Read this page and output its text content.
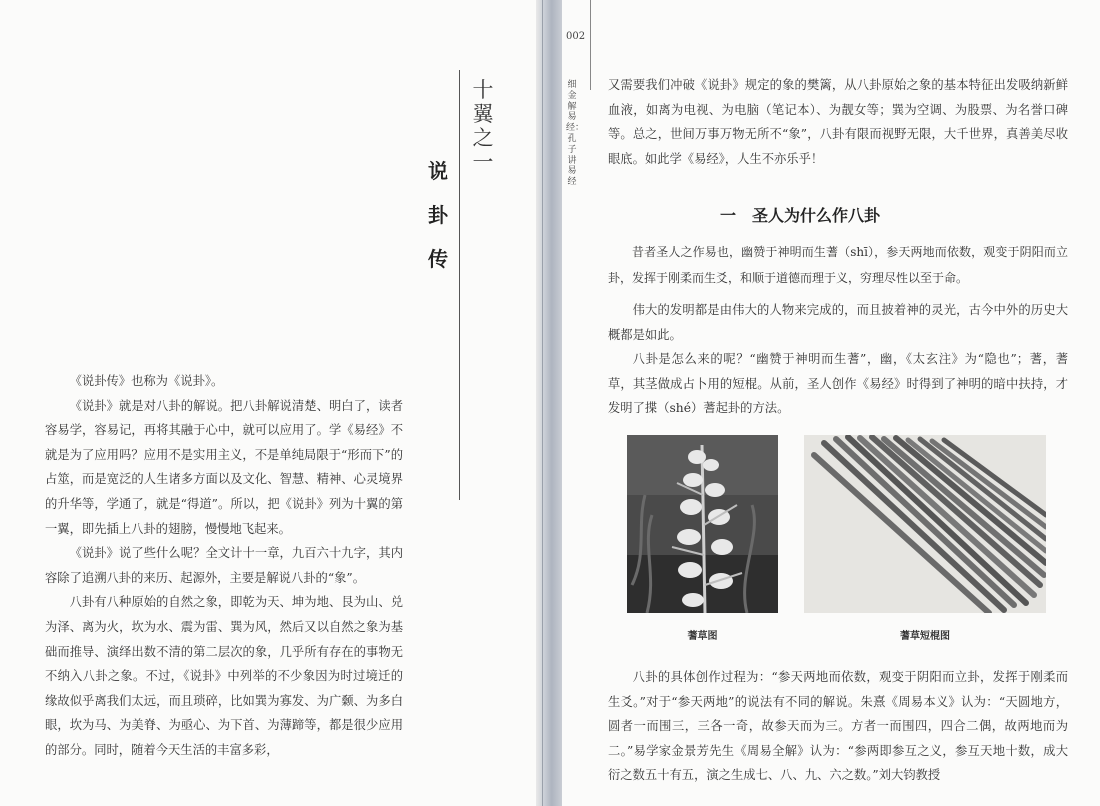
十
翼
之
一
说
卦
传

《说卦传》也称为《说卦》。

《说卦》就是对八卦的解说。把八卦解说清楚、明白了，读者容易学，容易记，再将其融于心中，就可以应用了。学《易经》不就是为了应用吗？应用不是实用主义，不是单纯局限于“形而下”的占筮，而是宽泛的人生诸多方面以及文化、智慧、精神、心灵境界的升华等，学通了，就是“得道”。所以，把《说卦》列为十翼的第一翼，即先插上八卦的翅膀，慢慢地飞起来。

《说卦》说了些什么呢？全文计十一章，九百六十九字，其内容除了追溯八卦的来历、起源外，主要是解说八卦的“象”。

八卦有八种原始的自然之象，即乾为天、坤为地、艮为山、兑为泽、离为火，坎为水、震为雷、巽为风，然后又以自然之象为基础而推导、演绎出数不清的第二层次的象，几乎所有存在的事物无不纳入八卦之象。不过，《说卦》中列举的不少象因为时过境迁的缘故似乎离我们太远，而且琐碎，比如巽为寡发、为广颡、为多白眼，坎为马、为美脊、为亟心、为下首、为薄蹄等，都是很少应用的部分。同时，随着今天生活的丰富多彩，

002
细金解易经：孔子讲易经

又需要我们冲破《说卦》规定的象的樊篱，从八卦原始之象的基本特征出发吸纳新鲜血液，如离为电视、为电脑（笔记本）、为靓女等；巽为空调、为股票、为名誉口碑等。总之，世间万事万物无所不“象”，八卦有限而视野无限，大千世界，真善美尽收眼底。如此学《易经》，人生不亦乐乎！

一　圣人为什么作八卦
昔者圣人之作易也，幽赞于神明而生蓍（shī），参天两地而依数，观变于阴阳而立卦，发挥于刚柔而生爻，和顺于道德而理于义，穷理尽性以至于命。

伟大的发明都是由伟大的人物来完成的，而且披着神的灵光，古今中外的历史大概都是如此。

八卦是怎么来的呢？“幽赞于神明而生蓍”，幽，《太玄注》为“隐也”；蓍，蓍草，其茎做成占卜用的短棍。从前，圣人创作《易经》时得到了神明的暗中扶持，才发明了揲（shé）蓍起卦的方法。

蓍草图	蓍草短棍图

八卦的具体创作过程为：“参天两地而依数，观变于阴阳而立卦，发挥于刚柔而生爻。”对于“参天两地”的说法有不同的解说。朱熹《周易本义》认为：“天圆地方，圆者一而围三，三各一奇，故参天而为三。方者一而围四，四合二偶，故两地而为二。”易学家金景芳先生《周易全解》认为：“参两即参互之义，参互天地十数，成大衍之数五十有五，演之生成七、八、九、六之数。”刘大钧教授
